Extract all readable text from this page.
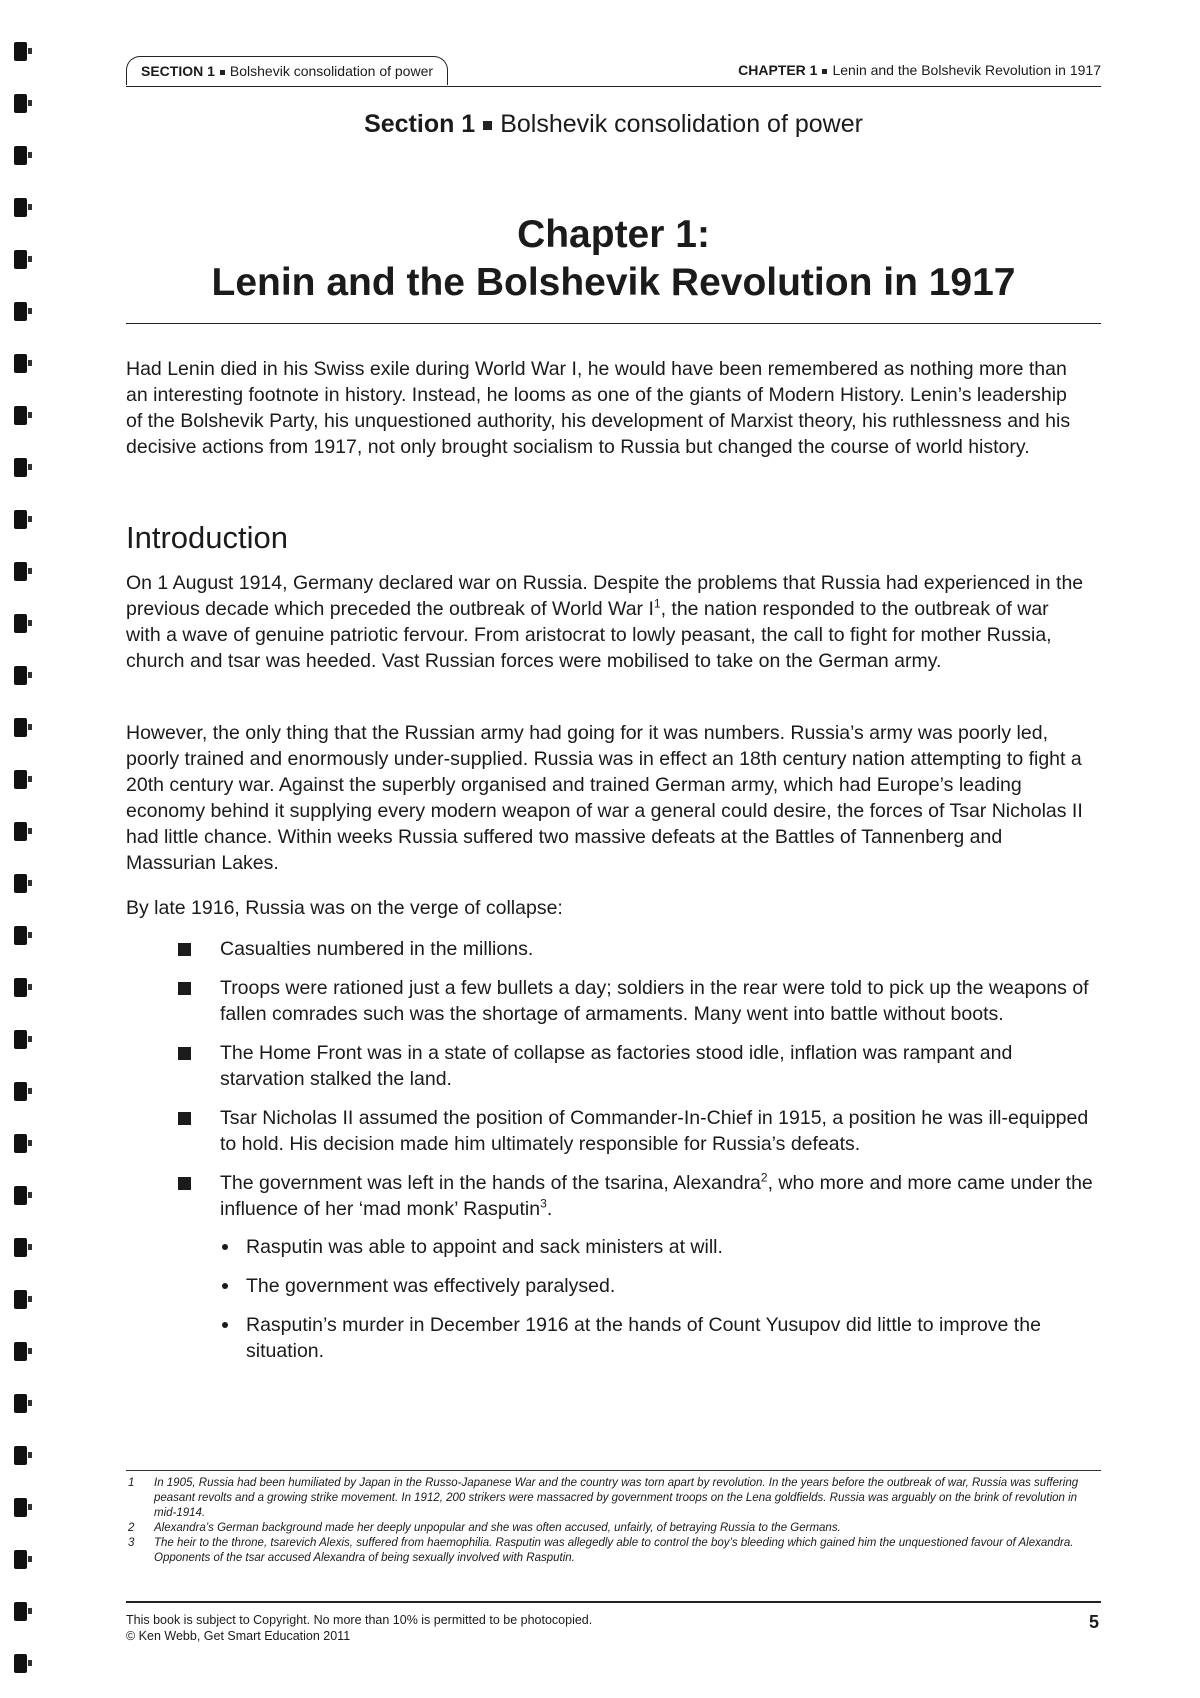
SECTION 1 Bolshevik consolidation of power	CHAPTER 1 Lenin and the Bolshevik Revolution in 1917
Section 1 Bolshevik consolidation of power
Chapter 1:
Lenin and the Bolshevik Revolution in 1917

Had Lenin died in his Swiss exile during World War I, he would have been remembered as nothing more than an interesting footnote in history. Instead, he looms as one of the giants of Modern History. Lenin’s leadership of the Bolshevik Party, his unquestioned authority, his development of Marxist theory, his ruthlessness and his decisive actions from 1917, not only brought socialism to Russia but changed the course of world history.

Introduction

On 1 August 1914, Germany declared war on Russia. Despite the problems that Russia had experienced in the previous decade which preceded the outbreak of World War $I^1$, the nation responded to the outbreak of war with a wave of genuine patriotic fervour. From aristocrat to lowly peasant, the call to fight for mother Russia, church and tsar was heeded. Vast Russian forces were mobilised to take on the German army.

However, the only thing that the Russian army had going for it was numbers. Russia’s army was poorly led, poorly trained and enormously under-supplied. Russia was in effect an 18th century nation attempting to fight a 20th century war. Against the superbly organised and trained German army, which had Europe’s leading economy behind it supplying every modern weapon of war a general could desire, the forces of Tsar Nicholas II had little chance. Within weeks Russia suffered two massive defeats at the Battles of Tannenberg and Massurian Lakes.

By late 1916, Russia was on the verge of collapse:

Casualties numbered in the millions.
Troops were rationed just a few bullets a day; soldiers in the rear were told to pick up the weapons of fallen comrades such was the shortage of armaments. Many went into battle without boots.
The Home Front was in a state of collapse as factories stood idle, inflation was rampant and starvation stalked the land.
Tsar Nicholas II assumed the position of Commander-In-Chief in 1915, a position he was ill-equipped to hold. His decision made him ultimately responsible for Russia’s defeats.
The government was left in the hands of the tsarina, Alexandra$^2$, who more and more came under the influence of her ‘mad monk’ Rasputin$^3$.
Rasputin was able to appoint and sack ministers at will.
The government was effectively paralysed.
Rasputin’s murder in December 1916 at the hands of Count Yusupov did little to improve the situation.
1 In 1905, Russia had been humiliated by Japan in the Russo-Japanese War and the country was torn apart by revolution. In the years before the outbreak of war, Russia was suffering peasant revolts and a growing strike movement. In 1912, 200 strikers were massacred by government troops on the Lena goldfields. Russia was arguably on the brink of revolution in mid-1914.
2 Alexandra’s German background made her deeply unpopular and she was often accused, unfairly, of betraying Russia to the Germans.
3 The heir to the throne, tsarevich Alexis, suffered from haemophilia. Rasputin was allegedly able to control the boy’s bleeding which gained him the unquestioned favour of Alexandra. Opponents of the tsar accused Alexandra of being sexually involved with Rasputin.
This book is subject to Copyright. No more than 10% is permitted to be photocopied.
© Ken Webb, Get Smart Education 2011
5
